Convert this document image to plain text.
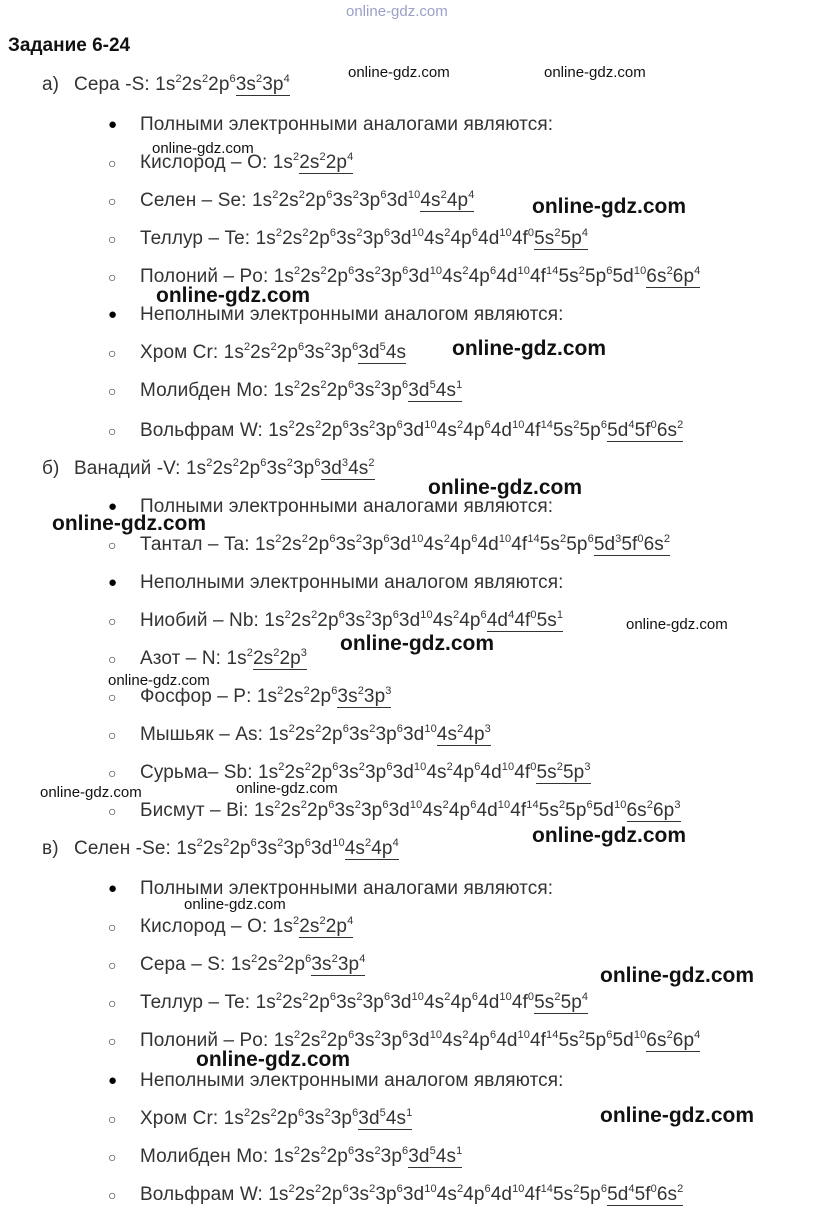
online-gdz.com
Задание 6-24
а) Сера -S: $1s^22s^22p^63s^23p^4$
● Полными электронными аналогами являются:
○ Кислород – O: $1s^22s^22p^4$
○ Селен – Se: $1s^22s^22p^63s^23p^63d^{10}4s^24p^4$
○ Теллур – Te: $1s^22s^22p^63s^23p^63d^{10}4s^24p^64d^{10}4f^05s^25p^4$
○ Полоний – Po: $1s^22s^22p^63s^23p^63d^{10}4s^24p^64d^{10}4f^{14}5s^25p^65d^{10}6s^26p^4$
● Неполными электронными аналогом являются:
○ Хром Cr: $1s^22s^22p^63s^23p^63d^54s$
○ Молибден Mo: $1s^22s^22p^63s^23p^63d^54s^1$
○ Вольфрам W: $1s^22s^22p^63s^23p^63d^{10}4s^24p^64d^{10}4f^{14}5s^25p^65d^45f^06s^2$
б) Ванадий -V: $1s^22s^22p^63s^23p^63d^34s^2$
● Полными электронными аналогами являются:
○ Тантал – Ta: $1s^22s^22p^63s^23p^63d^{10}4s^24p^64d^{10}4f^{14}5s^25p^65d^35f^06s^2$
● Неполными электронными аналогом являются:
○ Ниобий – Nb: $1s^22s^22p^63s^23p^63d^{10}4s^24p^64d^44f^05s^1$
○ Азот – N: $1s^22s^22p^3$
○ Фосфор – P: $1s^22s^22p^63s^23p^3$
○ Мышьяк – As: $1s^22s^22p^63s^23p^63d^{10}4s^24p^3$
○ Сурьма– Sb: $1s^22s^22p^63s^23p^63d^{10}4s^24p^64d^{10}4f^05s^25p^3$
○ Бисмут – Bi: $1s^22s^22p^63s^23p^63d^{10}4s^24p^64d^{10}4f^{14}5s^25p^65d^{10}6s^26p^3$
в) Селен -Se: $1s^22s^22p^63s^23p^63d^{10}4s^24p^4$
● Полными электронными аналогами являются:
○ Кислород – O: $1s^22s^22p^4$
○ Сера – S: $1s^22s^22p^63s^23p^4$
○ Теллур – Te: $1s^22s^22p^63s^23p^63d^{10}4s^24p^64d^{10}4f^05s^25p^4$
○ Полоний – Po: $1s^22s^22p^63s^23p^63d^{10}4s^24p^64d^{10}4f^{14}5s^25p^65d^{10}6s^26p^4$
● Неполными электронными аналогом являются:
○ Хром Cr: $1s^22s^22p^63s^23p^63d^54s^1$
○ Молибден Mo: $1s^22s^22p^63s^23p^63d^54s^1$
○ Вольфрам W: $1s^22s^22p^63s^23p^63d^{10}4s^24p^64d^{10}4f^{14}5s^25p^65d^45f^06s^2$
online-gdz.com	online-gdz.com
online-gdz.com
online-gdz.com
online-gdz.com
online-gdz.com
online-gdz.com
online-gdz.com
online-gdz.com
online-gdz.com
online-gdz.com
online-gdz.com	online-gdz.com
online-gdz.com
online-gdz.com
online-gdz.com
online-gdz.com
online-gdz.com
